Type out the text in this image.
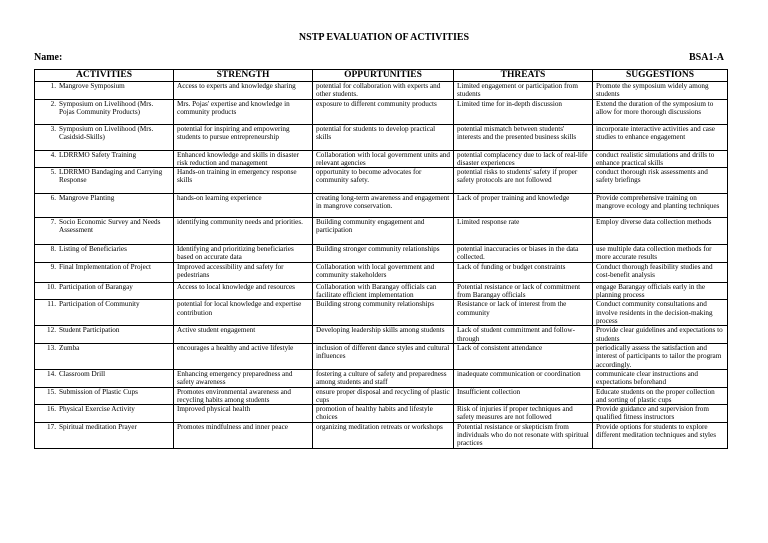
NSTP EVALUATION OF ACTIVITIES
Name:	BSA1-A
ACTIVITIES	STRENGTH	OPPURTUNITIES	THREATS	SUGGESTIONS

1. Mangrove Symposium	Access to experts and knowledge sharing	potential for collaboration with experts and other students.	Limited engagement or participation from students	Promote the symposium widely among students

2. Symposium on Livelihood (Mrs. Pojas Community Products)	Mrs. Pojas' expertise and knowledge in community products	exposure to different community products	Limited time for in-depth discussion	Extend the duration of the symposium to allow for more thorough discussions

3. Symposium on Livelihood (Mrs. Casidsid-Skills)	potential for inspiring and empowering students to pursue entrepreneurship	potential for students to develop practical skills	potential mismatch between students' interests and the presented business skills	incorporate interactive activities and case studies to enhance engagement

4. LDRRMO Safety Training	Enhanced knowledge and skills in disaster risk reduction and management	Collaboration with local government units and relevant agencies	potential complacency due to lack of real-life disaster experiences	conduct realistic simulations and drills to enhance practical skills

5. LDRRMO Bandaging and Carrying Response	Hands-on training in emergency response skills	opportunity to become advocates for community safety.	potential risks to students' safety if proper safety protocols are not followed	conduct thorough risk assessments and safety briefings

6. Mangrove Planting	hands-on learning experience	creating long-term awareness and engagement in mangrove conservation.	Lack of proper training and knowledge	Provide comprehensive training on mangrove ecology and planting techniques

7. Socio Economic Survey and Needs Assessment	identifying community needs and priorities.	Building community engagement and participation	Limited response rate	Employ diverse data collection methods

8. Listing of Beneficiaries	Identifying and prioritizing beneficiaries based on accurate data	Building stronger community relationships	potential inaccuracies or biases in the data collected.	use multiple data collection methods for more accurate results

9. Final Implementation of Project	Improved accessibility and safety for pedestrians	Collaboration with local government and community stakeholders	Lack of funding or budget constraints	Conduct thorough feasibility studies and cost-benefit analysis

10. Participation of Barangay	Access to local knowledge and resources	Collaboration with Barangay officials can facilitate efficient implementation	Potential resistance or lack of commitment from Barangay officials	engage Barangay officials early in the planning process

11. Participation of Community	potential for local knowledge and expertise contribution	Building strong community relationships	Resistance or lack of interest from the community	Conduct community consultations and involve residents in the decision-making process

12. Student Participation	Active student engagement	Developing leadership skills among students	Lack of student commitment and follow-through	Provide clear guidelines and expectations to students

13. Zumba	encourages a healthy and active lifestyle	inclusion of different dance styles and cultural influences	Lack of consistent attendance	periodically assess the satisfaction and interest of participants to tailor the program accordingly.

14. Classroom Drill	Enhancing emergency preparedness and safety awareness	fostering a culture of safety and preparedness among students and staff	inadequate communication or coordination	communicate clear instructions and expectations beforehand

15. Submission of Plastic Cups	Promotes environmental awareness and recycling habits among students	ensure proper disposal and recycling of plastic cups	Insufficient collection	Educate students on the proper collection and sorting of plastic cups

16. Physical Exercise Activity	Improved physical health	promotion of healthy habits and lifestyle choices	Risk of injuries if proper techniques and safety measures are not followed	Provide guidance and supervision from qualified fitness instructors

17. Spiritual meditation Prayer	Promotes mindfulness and inner peace	organizing meditation retreats or workshops	Potential resistance or skepticism from individuals who do not resonate with spiritual practices	Provide options for students to explore different meditation techniques and styles
